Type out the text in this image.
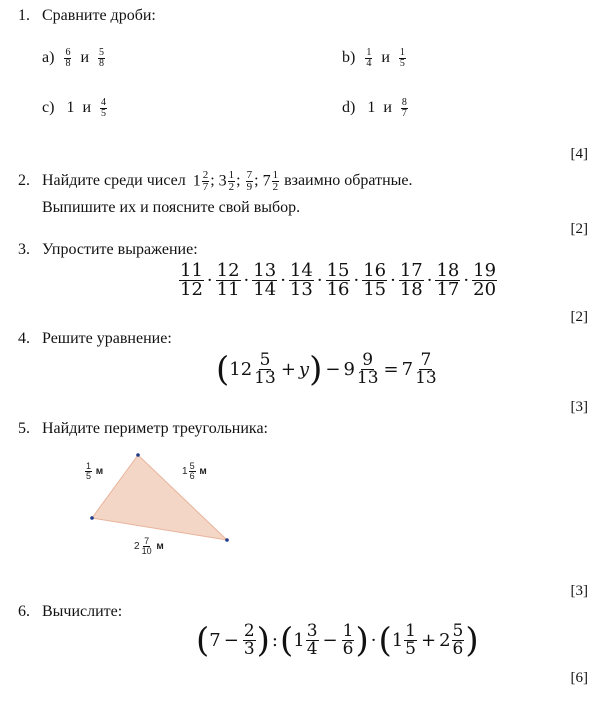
1. Сравните дроби:
$a) \frac{6}{8}$ и $\frac{5}{8}$	$b) \frac{1}{4}$ и $\frac{1}{5}$
c) 1 и $\frac{4}{5}$	d) 1 и $\frac{8}{7}$
[4]
2. Найдите среди чисел $1 \frac{2}{7}$ ; $3 \frac{1}{2}$ ; $\frac{7}{9}$ ; $7 \frac{1}{2}$ взаимно обратные.
Выпишите их и поясните свой выбор.
[2]
3. Упростите выражение:
$\frac{11}{12} \cdot \frac{12}{11} \cdot \frac{13}{14} \cdot \frac{14}{13} \cdot \frac{15}{16} \cdot \frac{16}{15} \cdot \frac{17}{18} \cdot \frac{18}{17} \cdot \frac{19}{20}$
[2]
4. Решите уравнение:
$(12 \frac{5}{13} + y) - 9 \frac{9}{13} = 7 \frac{7}{13}$
[3]
5. Найдите периметр треугольника:
$\frac{1}{5}$ м	$1 \frac{5}{6}$ м
$2 \frac{7}{10}$ м
[3]
6. Вычислите:
($7 - \frac{2}{3}$ ) :(1 $\frac{3}{4} - \frac{1}{6}$ ) $\cdot(1 \frac{1}{5} + 2 \frac{5}{6}$ )
[6]
